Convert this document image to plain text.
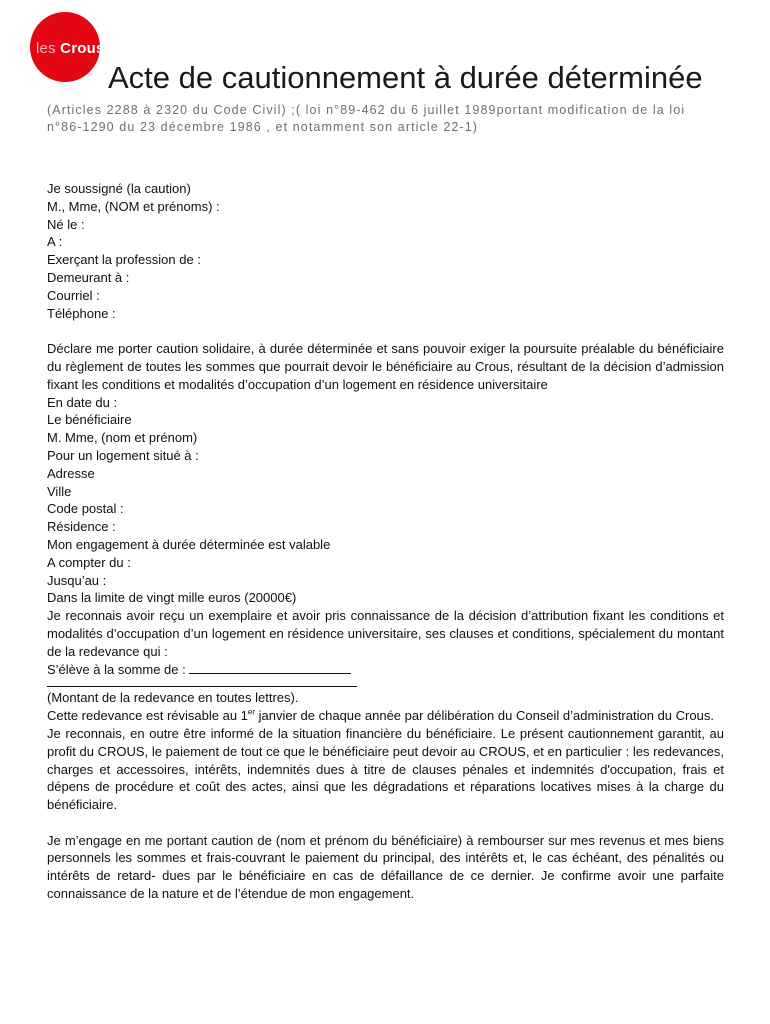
les Crous
Acte de cautionnement à durée déterminée

(Articles 2288 à 2320 du Code Civil) ;( loi n°89-462 du 6 juillet 1989portant modification de la loi n°86-1290 du 23 décembre 1986 , et notamment son article 22-1)

Je soussigné (la caution)

M., Mme, (NOM et prénoms) :

Né le :

A :

Exerçant la profession de :

Demeurant à :

Courriel :

Téléphone :

Déclare me porter caution solidaire, à durée déterminée et sans pouvoir exiger la poursuite préalable du bénéficiaire du règlement de toutes les sommes que pourrait devoir le bénéficiaire au Crous, résultant de la décision d’admission fixant les conditions et modalités d’occupation d’un logement en résidence universitaire

En date du :

Le bénéficiaire

M. Mme, (nom et prénom)

Pour un logement situé à :

Adresse

Ville

Code postal :

Résidence :

Mon engagement à durée déterminée est valable

A compter du :

Jusqu’au :

Dans la limite de vingt mille euros (20000€)

Je reconnais avoir reçu un exemplaire et avoir pris connaissance de la décision d’attribution fixant les conditions et modalités d’occupation d’un logement en résidence universitaire, ses clauses et conditions, spécialement du montant de la redevance qui :

S’élève à la somme de :

(Montant de la redevance en toutes lettres).

Cette redevance est révisable au 1er janvier de chaque année par délibération du Conseil d’administration du Crous.

Je reconnais, en outre être informé de la situation financière du bénéficiaire. Le présent cautionnement garantit, au profit du CROUS, le paiement de tout ce que le bénéficiaire peut devoir au CROUS, et en particulier : les redevances, charges et accessoires, intérêts, indemnités dues à titre de clauses pénales et indemnités d'occupation, frais et dépens de procédure et coût des actes, ainsi que les dégradations et réparations locatives mises à la charge du bénéficiaire.

Je m’engage en me portant caution de (nom et prénom du bénéficiaire) à rembourser sur mes revenus et mes biens personnels les sommes et frais-couvrant le paiement du principal, des intérêts et, le cas échéant, des pénalités ou intérêts de retard- dues par le bénéficiaire en cas de défaillance de ce dernier. Je confirme avoir une parfaite connaissance de la nature et de l’étendue de mon engagement.
